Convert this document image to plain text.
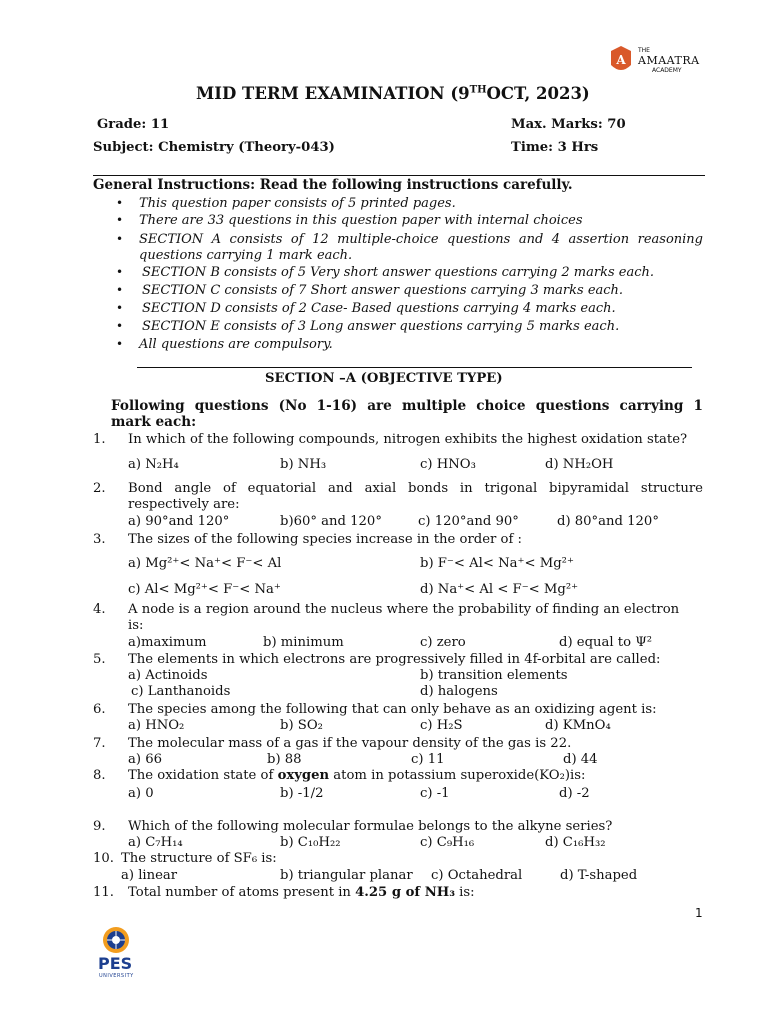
A
THE
AMAATRA
ACADEMY
MID TERM EXAMINATION (9THOCT, 2023)
Grade: 11	Max. Marks: 70
Subject: Chemistry (Theory-043)	Time: 3 Hrs
General Instructions: Read the following instructions carefully.
• This question paper consists of 5 printed pages.
• There are 33 questions in this question paper with internal choices
• SECTION A consists of 12 multiple-choice questions and 4 assertion reasoning
questions carrying 1 mark each.
• SECTION B consists of 5 Very short answer questions carrying 2 marks each.
• SECTION C consists of 7 Short answer questions carrying 3 marks each.
• SECTION D consists of 2 Case- Based questions carrying 4 marks each.
• SECTION E consists of 3 Long answer questions carrying 5 marks each.
• All questions are compulsory.
SECTION –A (OBJECTIVE TYPE)
Following questions (No 1-16) are multiple choice questions carrying 1
mark each:
1. In which of the following compounds, nitrogen exhibits the highest oxidation state?
a) N₂H₄	b) NH₃	c) HNO₃	d) NH₂OH
2. Bond angle of equatorial and axial bonds in trigonal bipyramidal structure
respectively are:
a) 90°and 120°	b)60° and 120°	c) 120°and 90°	d) 80°and 120°
3. The sizes of the following species increase in the order of :
a) Mg²⁺< Na⁺< F⁻< Al	b) F⁻< Al< Na⁺< Mg²⁺
c) Al< Mg²⁺< F⁻< Na⁺	d) Na⁺< Al < F⁻< Mg²⁺
4. A node is a region around the nucleus where the probability of finding an electron
is:
a)maximum	b) minimum	c) zero	d) equal to Ψ²
5. The elements in which electrons are progressively filled in 4f-orbital are called:
a) Actinoids	b) transition elements
c) Lanthanoids	d) halogens
6. The species among the following that can only behave as an oxidizing agent is:
a) HNO₂	b) SO₂	c) H₂S	d) KMnO₄
7. The molecular mass of a gas if the vapour density of the gas is 22.
a) 66	b) 88	c) 11	d) 44
8. The oxidation state of oxygen atom in potassium superoxide(KO₂)is:
a) 0	b) -1/2	c) -1	d) -2
9. Which of the following molecular formulae belongs to the alkyne series?
a) C₇H₁₄	b) C₁₀H₂₂	c) C₉H₁₆	d) C₁₆H₃₂
10. The structure of SF₆ is:
a) linear	b) triangular planar c) Octahedral	d) T-shaped
11. Total number of atoms present in 4.25 g of NH₃ is:
1
PES
UNIVERSITY
